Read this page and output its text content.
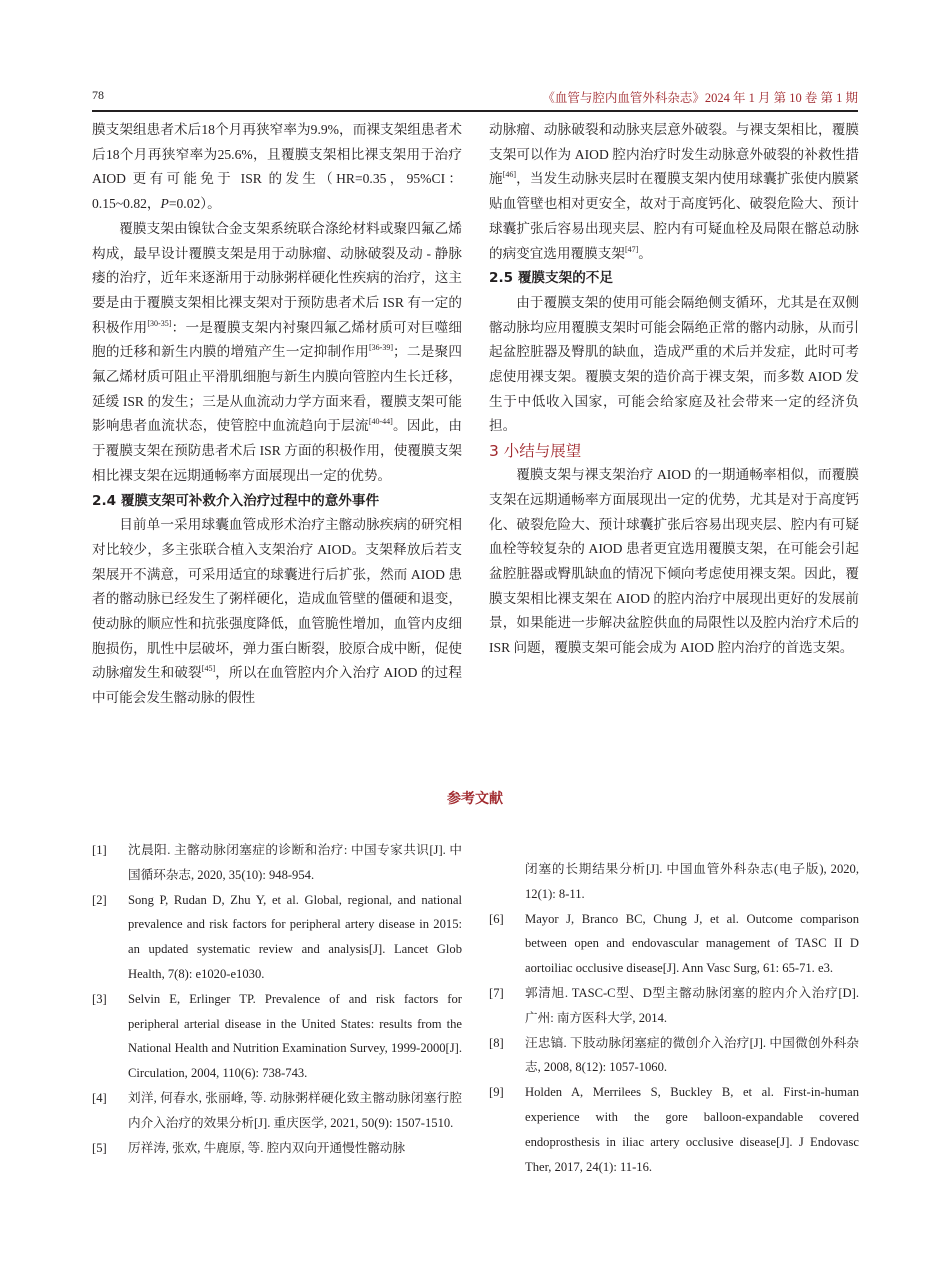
78	《血管与腔内血管外科杂志》2024 年 1 月 第 10 卷 第 1 期

膜支架组患者术后18个月再狭窄率为9.9%，而裸支架组患者术后18个月再狭窄率为25.6%，且覆膜支架相比裸支架用于治疗 AIOD 更有可能免于 ISR 的发生（HR=0.35，95%CI：0.15~0.82，P=0.02）。

覆膜支架由镍钛合金支架系统联合涤纶材料或聚四氟乙烯构成，最早设计覆膜支架是用于动脉瘤、动脉破裂及动 - 静脉瘘的治疗，近年来逐渐用于动脉粥样硬化性疾病的治疗，这主要是由于覆膜支架相比裸支架对于预防患者术后 ISR 有一定的积极作用[30-35]：一是覆膜支架内衬聚四氟乙烯材质可对巨噬细胞的迁移和新生内膜的增殖产生一定抑制作用[36-39]；二是聚四氟乙烯材质可阻止平滑肌细胞与新生内膜向管腔内生长迁移，延缓 ISR 的发生；三是从血流动力学方面来看，覆膜支架可能影响患者血流状态，使管腔中血流趋向于层流[40-44]。因此，由于覆膜支架在预防患者术后 ISR 方面的积极作用，使覆膜支架相比裸支架在远期通畅率方面展现出一定的优势。

2.4 覆膜支架可补救介入治疗过程中的意外事件

目前单一采用球囊血管成形术治疗主髂动脉疾病的研究相对比较少，多主张联合植入支架治疗 AIOD。支架释放后若支架展开不满意，可采用适宜的球囊进行后扩张，然而 AIOD 患者的髂动脉已经发生了粥样硬化，造成血管壁的僵硬和退变，使动脉的顺应性和抗张强度降低，血管脆性增加，血管内皮细胞损伤，肌性中层破坏，弹力蛋白断裂，胶原合成中断，促使动脉瘤发生和破裂[45]，所以在血管腔内介入治疗 AIOD 的过程中可能会发生髂动脉的假性

动脉瘤、动脉破裂和动脉夹层意外破裂。与裸支架相比，覆膜支架可以作为 AIOD 腔内治疗时发生动脉意外破裂的补救性措施[46]，当发生动脉夹层时在覆膜支架内使用球囊扩张使内膜紧贴血管壁也相对更安全，故对于高度钙化、破裂危险大、预计球囊扩张后容易出现夹层、腔内有可疑血栓及局限在髂总动脉的病变宜选用覆膜支架[47]。

2.5 覆膜支架的不足

由于覆膜支架的使用可能会隔绝侧支循环，尤其是在双侧髂动脉均应用覆膜支架时可能会隔绝正常的髂内动脉，从而引起盆腔脏器及臀肌的缺血，造成严重的术后并发症，此时可考虑使用裸支架。覆膜支架的造价高于裸支架，而多数 AIOD 发生于中低收入国家，可能会给家庭及社会带来一定的经济负担。

3 小结与展望

覆膜支架与裸支架治疗 AIOD 的一期通畅率相似，而覆膜支架在远期通畅率方面展现出一定的优势，尤其是对于高度钙化、破裂危险大、预计球囊扩张后容易出现夹层、腔内有可疑血栓等较复杂的 AIOD 患者更宜选用覆膜支架，在可能会引起盆腔脏器或臀肌缺血的情况下倾向考虑使用裸支架。因此，覆膜支架相比裸支架在 AIOD 的腔内治疗中展现出更好的发展前景，如果能进一步解决盆腔供血的局限性以及腔内治疗术后的 ISR 问题，覆膜支架可能会成为 AIOD 腔内治疗的首选支架。

参考文献
[1]	沈晨阳. 主髂动脉闭塞症的诊断和治疗: 中国专家共识[J]. 中国循环杂志, 2020, 35(10): 948-954.
[2]	Song P, Rudan D, Zhu Y, et al. Global, regional, and national prevalence and risk factors for peripheral artery disease in 2015: an updated systematic review and analysis[J]. Lancet Glob Health, 7(8): e1020-e1030.
[3]	Selvin E, Erlinger TP. Prevalence of and risk factors for peripheral arterial disease in the United States: results from the National Health and Nutrition Examination Survey, 1999-2000[J]. Circulation, 2004, 110(6): 738-743.
[4]	刘洋, 何春水, 张丽峰, 等. 动脉粥样硬化致主髂动脉闭塞行腔内介入治疗的效果分析[J]. 重庆医学, 2021, 50(9): 1507-1510.
[5]	厉祥涛, 张欢, 牛鹿原, 等. 腔内双向开通慢性髂动脉
闭塞的长期结果分析[J]. 中国血管外科杂志(电子版), 2020, 12(1): 8-11.
[6]	Mayor J, Branco BC, Chung J, et al. Outcome comparison between open and endovascular management of TASC II D aortoiliac occlusive disease[J]. Ann Vasc Surg, 61: 65-71. e3.
[7]	郭清旭. TASC-C型、D型主髂动脉闭塞的腔内介入治疗[D]. 广州: 南方医科大学, 2014.
[8]	汪忠镐. 下肢动脉闭塞症的微创介入治疗[J]. 中国微创外科杂志, 2008, 8(12): 1057-1060.
[9]	Holden A, Merrilees S, Buckley B, et al. First-in-human experience with the gore balloon-expandable covered endoprosthesis in iliac artery occlusive disease[J]. J Endovasc Ther, 2017, 24(1): 11-16.
